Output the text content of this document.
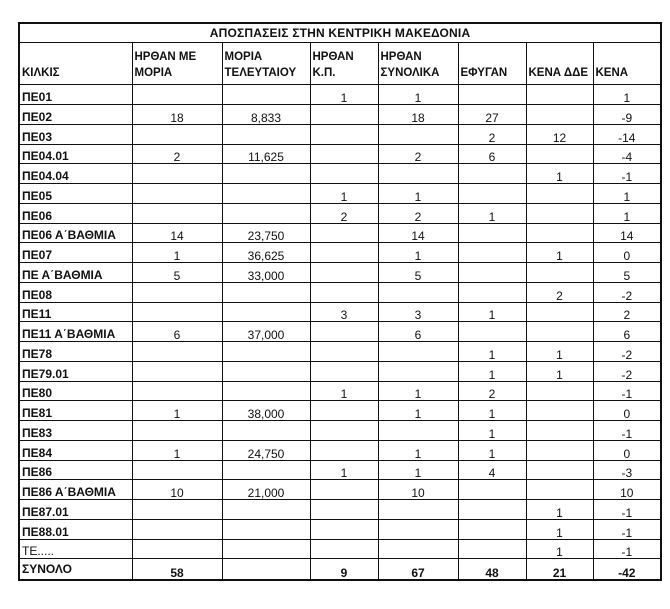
ΑΠΟΣΠΑΣΕΙΣ ΣΤΗΝ ΚΕΝΤΡΙΚΗ ΜΑΚΕΔΟΝΙΑ							
ΚΙΛΚΙΣ	ΗΡΘΑΝ ΜΕ ΜΟΡΙΑ	ΜΟΡΙΑ ΤΕΛΕΥΤΑΙΟΥ	ΗΡΘΑΝ Κ.Π.	ΗΡΘΑΝ ΣΥΝΟΛΙΚΑ	ΕΦΥΓΑΝ	ΚΕΝΑ ΔΔΕ	ΚΕΝΑ
ΠΕ01			1	1			1
ΠΕ02	18	8,833		18	27		-9
ΠΕ03					2	12	-14
ΠΕ04.01	2	11,625		2	6		-4
ΠΕ04.04						1	-1
ΠΕ05			1	1			1
ΠΕ06			2	2	1		1
ΠΕ06 Α΄ΒΑΘΜΙΑ	14	23,750		14			14
ΠΕ07	1	36,625		1		1	0
ΠΕ Α΄ΒΑΘΜΙΑ	5	33,000		5			5
ΠΕ08						2	-2
ΠΕ11			3	3	1		2
ΠΕ11 Α΄ΒΑΘΜΙΑ	6	37,000		6			6
ΠΕ78					1	1	-2
ΠΕ79.01					1	1	-2
ΠΕ80			1	1	2		-1
ΠΕ81	1	38,000		1	1		0
ΠΕ83					1		-1
ΠΕ84	1	24,750		1	1		0
ΠΕ86			1	1	4		-3
ΠΕ86 Α΄ΒΑΘΜΙΑ	10	21,000		10			10
ΠΕ87.01						1	-1
ΠΕ88.01						1	-1
ΤΕ.....						1	-1
ΣΥΝΟΛΟ	58		9	67	48	21	-42
